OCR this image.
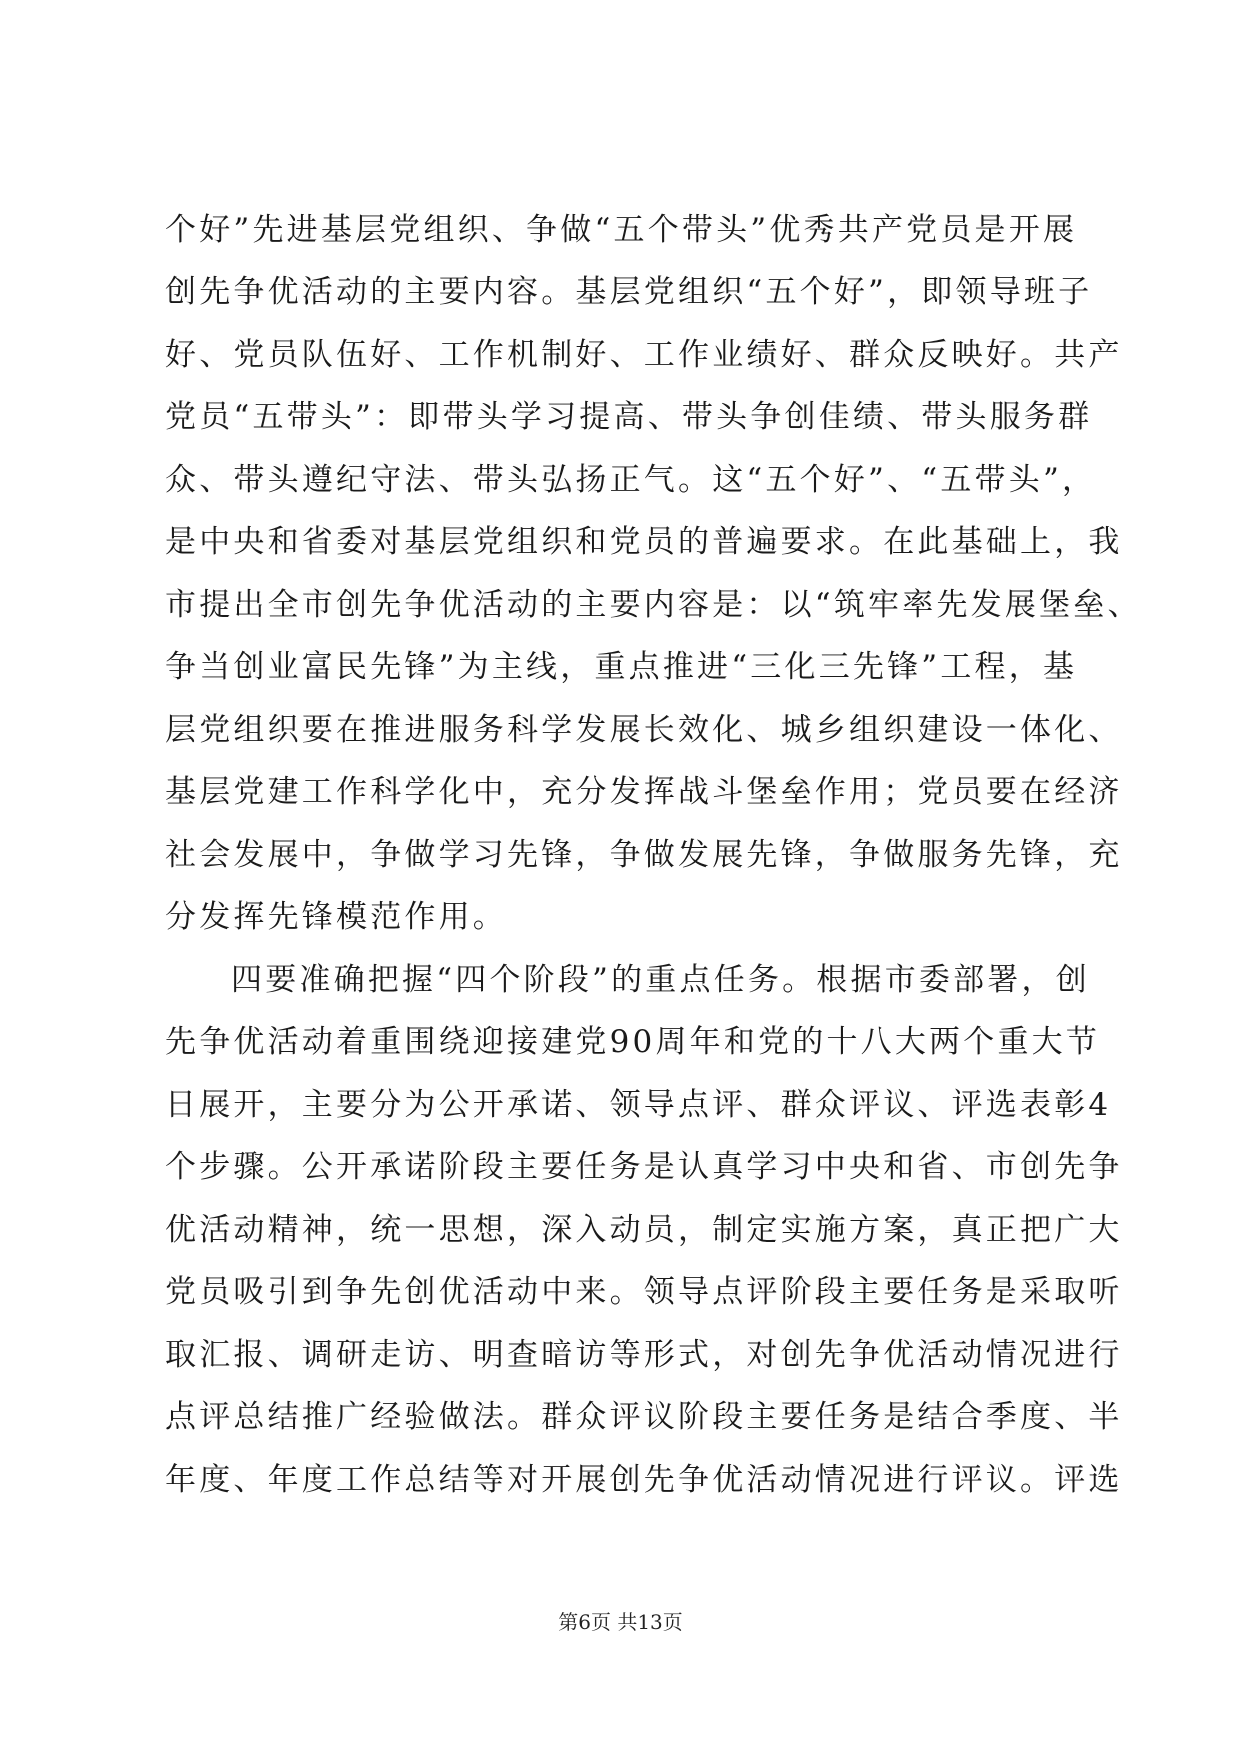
个好”先进基层党组织、争做“五个带头”优秀共产党员是开展
创先争优活动的主要内容。基层党组织“五个好”，即领导班子
好、党员队伍好、工作机制好、工作业绩好、群众反映好。共产
党员“五带头”：即带头学习提高、带头争创佳绩、带头服务群
众、带头遵纪守法、带头弘扬正气。这“五个好”、“五带头”，
是中央和省委对基层党组织和党员的普遍要求。在此基础上，我
市提出全市创先争优活动的主要内容是：以“筑牢率先发展堡垒、
争当创业富民先锋”为主线，重点推进“三化三先锋”工程，基
层党组织要在推进服务科学发展长效化、城乡组织建设一体化、
基层党建工作科学化中，充分发挥战斗堡垒作用；党员要在经济
社会发展中，争做学习先锋，争做发展先锋，争做服务先锋，充
分发挥先锋模范作用。
四要准确把握“四个阶段”的重点任务。根据市委部署，创
先争优活动着重围绕迎接建党90周年和党的十八大两个重大节
日展开，主要分为公开承诺、领导点评、群众评议、评选表彰4
个步骤。公开承诺阶段主要任务是认真学习中央和省、市创先争
优活动精神，统一思想，深入动员，制定实施方案，真正把广大
党员吸引到争先创优活动中来。领导点评阶段主要任务是采取听
取汇报、调研走访、明查暗访等形式，对创先争优活动情况进行
点评总结推广经验做法。群众评议阶段主要任务是结合季度、半
年度、年度工作总结等对开展创先争优活动情况进行评议。评选
第6页 共13页
